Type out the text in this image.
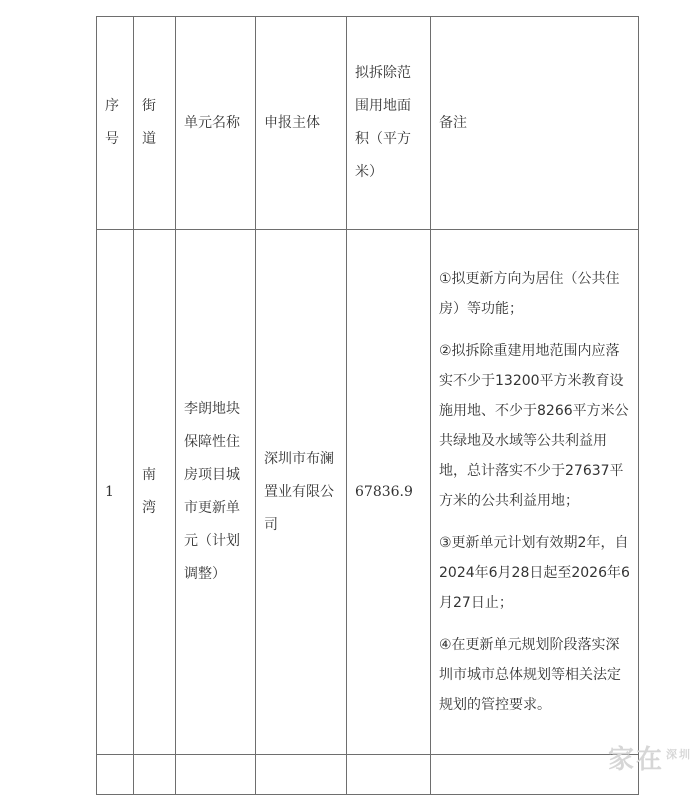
序号	街道	单元名称	申报主体	拟拆除范围用地面积（平方米）	备注
1	南湾	李朗地块保障性住房项目城市更新单元（计划调整）	深圳市布澜置业有限公司	67836.9	①拟更新方向为居住（公共住房）等功能；

②拟拆除重建用地范围内应落实不少于13200平方米教育设施用地、不少于8266平方米公共绿地及水域等公共利益用地，总计落实不少于27637平方米的公共利益用地；

③更新单元计划有效期2年，自2024年6月28日起至2026年6月27日止；

④在更新单元规划阶段落实深圳市城市总体规划等相关法定规划的管控要求。

家在 $^{深圳}$
